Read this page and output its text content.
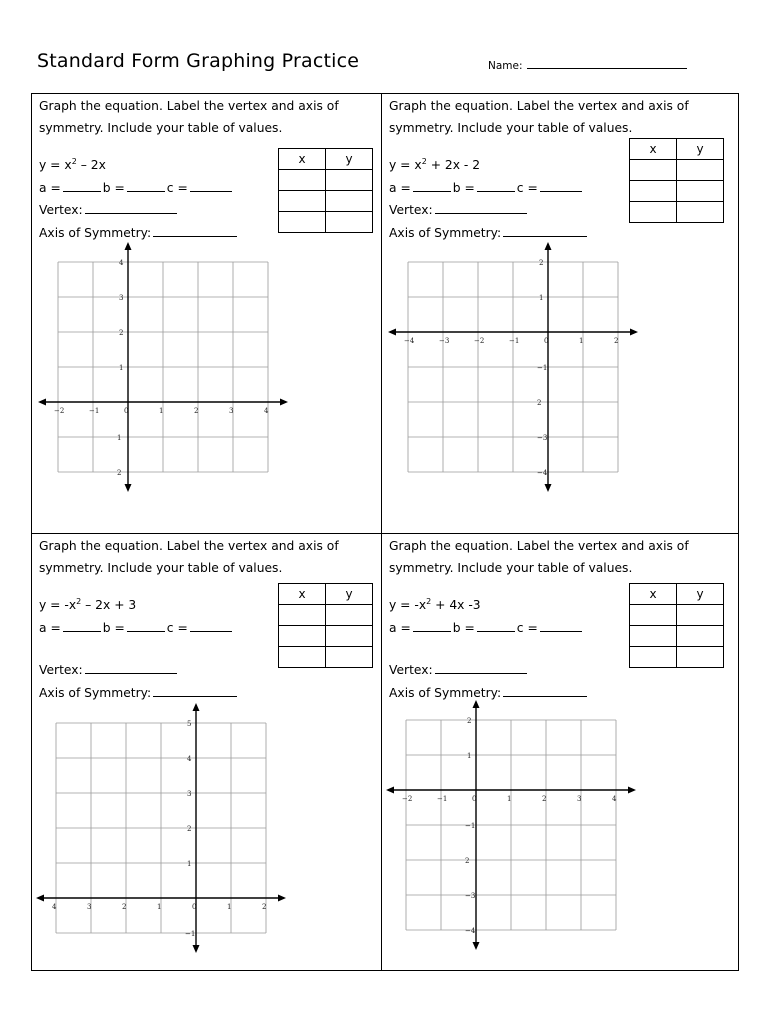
Standard Form Graphing Practice	Name:
Graph the equation. Label the vertex and axis of symmetry. Include your table of values.
$y = x^2 - 2x$
a =	b =	c =
Vertex:
Axis of Symmetry:
x	y

Graph the equation. Label the vertex and axis of symmetry. Include your table of values.
$y = x^2 + 2x - 2$
a =	b =	c =
Vertex:
Axis of Symmetry:
x	y

Graph the equation. Label the vertex and axis of symmetry. Include your table of values.
$y = -x^2 - 2x + 3$
a =	b =	c =
Vertex:
Axis of Symmetry:
x	y

Graph the equation. Label the vertex and axis of symmetry. Include your table of values.
$y = -x^2 + 4x$ -3
a =	b =	c =
Vertex:
Axis of Symmetry:
x	y

−2	−1	0	1	2	3	4
1
2
3
4
1
2
−4	−3	−2	−1	0	1	2
1
2
−1
2
−3
−4
4	3	2	1	0	1	2
1
2
3
4
5
−1
−2	−1	0	1	2	3	4
1
2
−1
2
−3
−4
